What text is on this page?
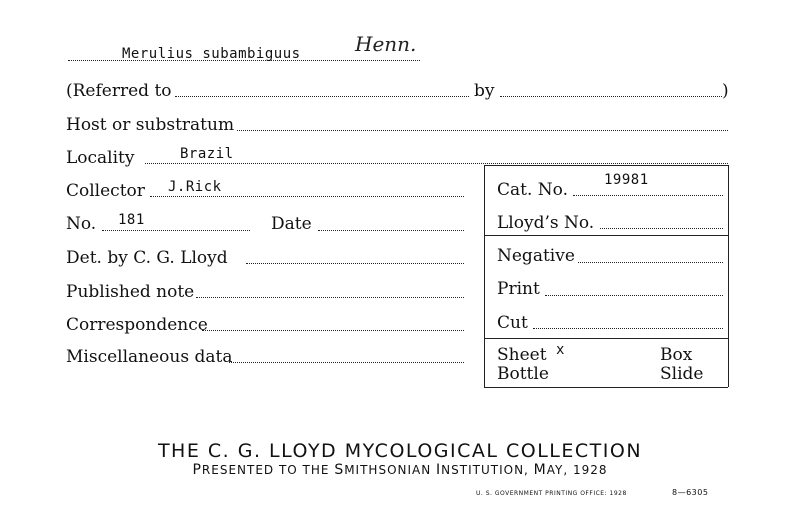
Merulius subambiguus	Henn.
(Referred to	by	)
Host or substratum
Locality	Brazil
Collector J.Rick	Cat. No.	19981
No. 181	Date	Lloyd’s No.
Det. by C. G. Lloyd	Negative
Published note	Print
Correspondence	Cut
Miscellaneous data	Sheet x	Box
Bottle	Slide
THE C. G. LLOYD MYCOLOGICAL COLLECTION
PRESENTED TO THE SMITHSONIAN INSTITUTION, MAY, 1928
U. S. GOVERNMENT PRINTING OFFICE: 1928	8—6305
